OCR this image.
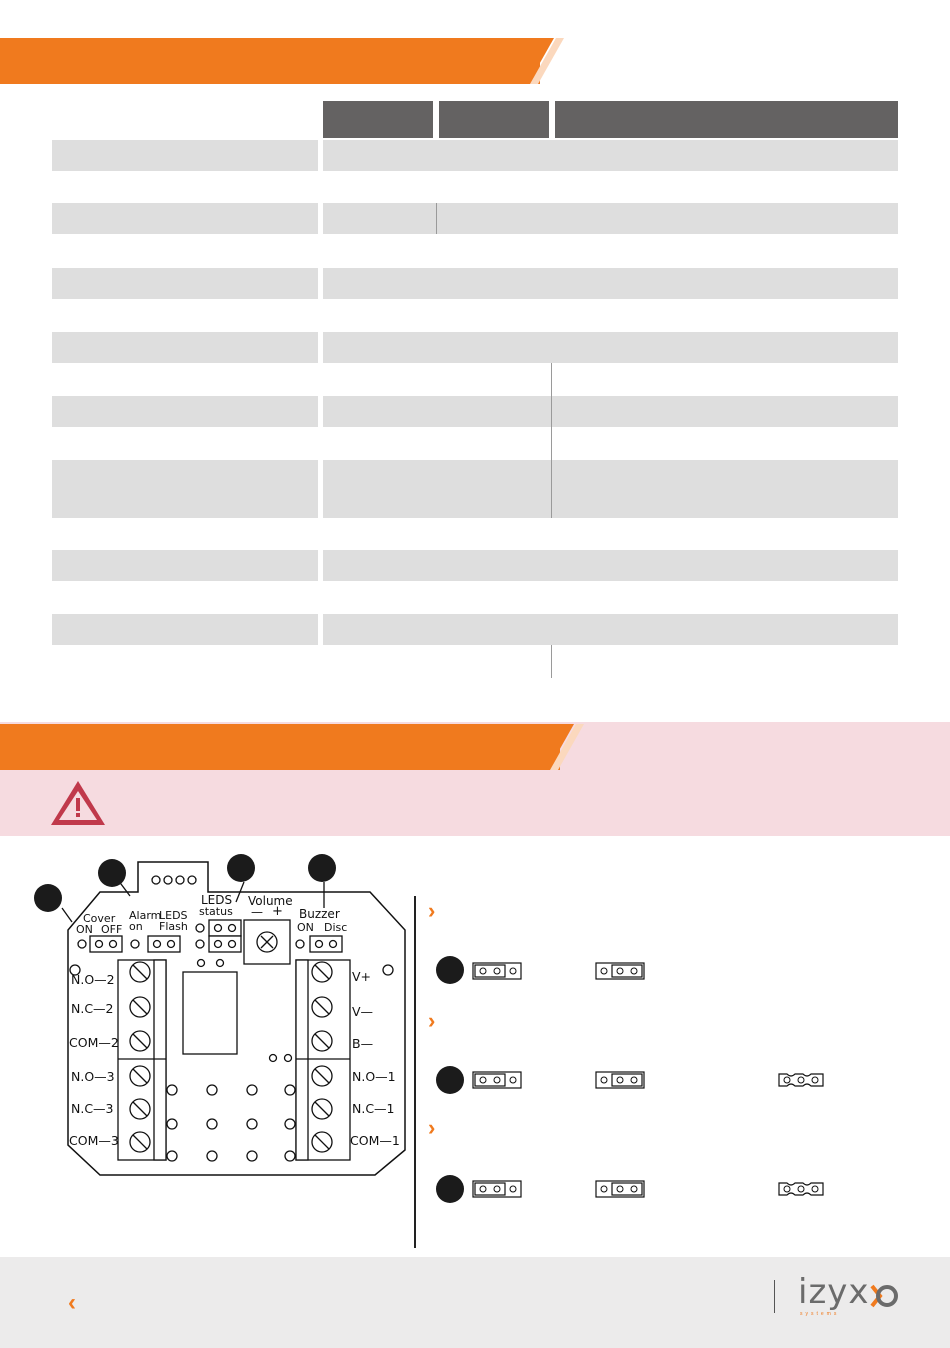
Cover
ON OFF
Alarm
on
LEDS
Flash
LEDS
status
Volume
— + Buzzer
ON Disc
N.O—2
N.C—2
COM—2
N.O—3
N.C—3
COM—3
V+
V—
B—
N.O—1
N.C—1
COM—1
›
›
›
‹	izyx
systems
